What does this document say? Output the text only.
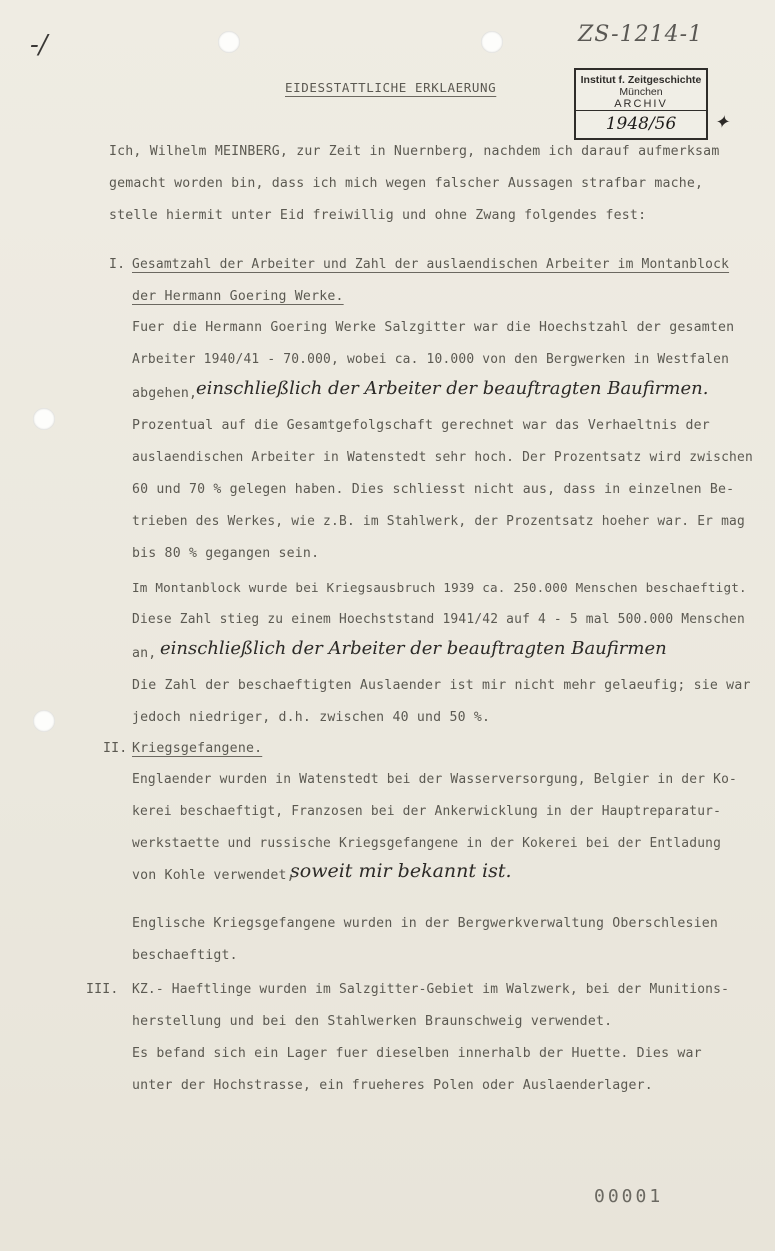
-/	ZS-1214-1
Institut f. Zeitgeschichte
München
ARCHIV
1948/56	✦
EIDESSTATTLICHE ERKLAERUNG
Ich, Wilhelm MEINBERG, zur Zeit in Nuernberg, nachdem ich darauf aufmerksam
gemacht worden bin, dass ich mich wegen falscher Aussagen strafbar mache,
stelle hiermit unter Eid freiwillig und ohne Zwang folgendes fest:
I. Gesamtzahl der Arbeiter und Zahl der auslaendischen Arbeiter im Montanblock
der Hermann Goering Werke.
Fuer die Hermann Goering Werke Salzgitter war die Hoechstzahl der gesamten
Arbeiter 1940/41 - 70.000, wobei ca. 10.000 von den Bergwerken in Westfalen
abgehen,
einschließlich der Arbeiter der beauftragten Baufirmen.
Prozentual auf die Gesamtgefolgschaft gerechnet war das Verhaeltnis der
auslaendischen Arbeiter in Watenstedt sehr hoch. Der Prozentsatz wird zwischen
60 und 70 % gelegen haben. Dies schliesst nicht aus, dass in einzelnen Be-
trieben des Werkes, wie z.B. im Stahlwerk, der Prozentsatz hoeher war. Er mag
bis 80 % gegangen sein.
Im Montanblock wurde bei Kriegsausbruch 1939 ca. 250.000 Menschen beschaeftigt.
Diese Zahl stieg zu einem Hoechststand 1941/42 auf 4 - 5 mal 500.000 Menschen
an, einschließlich der Arbeiter der beauftragten Baufirmen
Die Zahl der beschaeftigten Auslaender ist mir nicht mehr gelaeufig; sie war
jedoch niedriger, d.h. zwischen 40 und 50 %.
II. Kriegsgefangene.
Englaender wurden in Watenstedt bei der Wasserversorgung, Belgier in der Ko-
kerei beschaeftigt, Franzosen bei der Ankerwicklung in der Hauptreparatur-
werkstaette und russische Kriegsgefangene in der Kokerei bei der Entladung
von Kohle verwendet,
soweit mir bekannt ist.
Englische Kriegsgefangene wurden in der Bergwerkverwaltung Oberschlesien
beschaeftigt.
III. KZ.- Haeftlinge wurden im Salzgitter-Gebiet im Walzwerk, bei der Munitions-
herstellung und bei den Stahlwerken Braunschweig verwendet.
Es befand sich ein Lager fuer dieselben innerhalb der Huette. Dies war
unter der Hochstrasse, ein frueheres Polen oder Auslaenderlager.
00001
